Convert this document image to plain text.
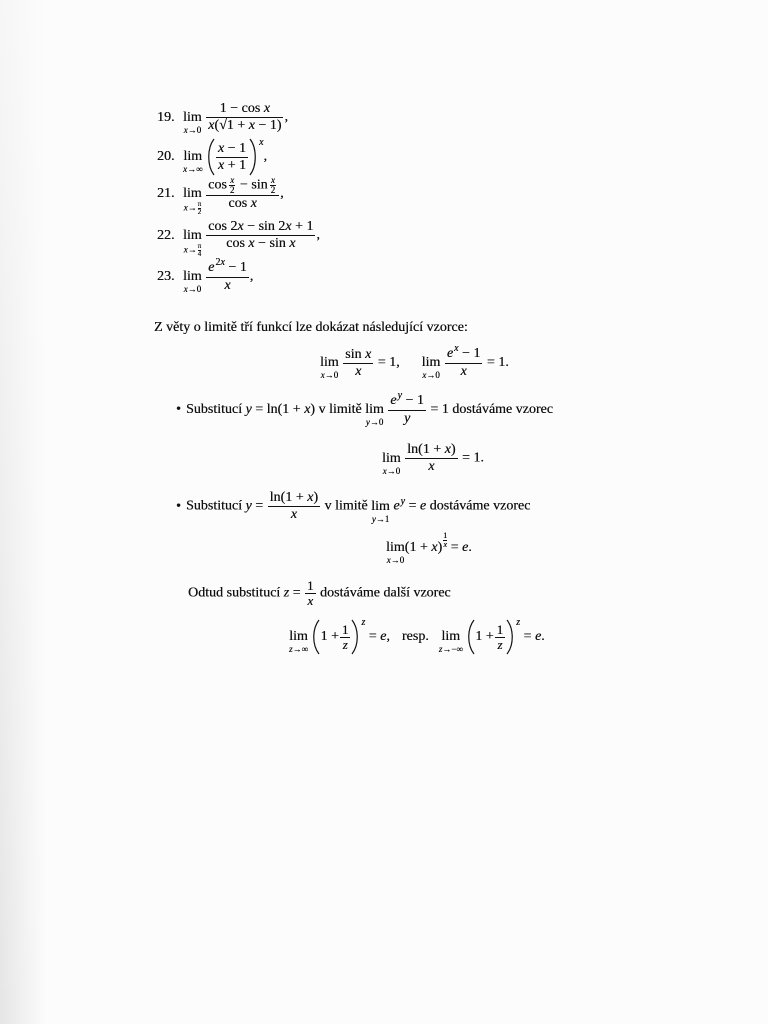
19. lim
x→0
$\frac{\text{1 − cos x}}{x(√1 + x - 1)}$ ,
20. lim
x→∞
$\frac{x - 1}{x + 1} ^x$,
21. lim
$x\to \frac{\pi}{2}$
$\frac{\cos \frac{x}{2} - \sin \frac{x}{2}}{\text{cos x}}$ ,
22. lim
$x\to \frac{\pi}{4}$
$\frac{\cos 2x - \sin 2x + 1}{\text{cos x − sin x}}$ ,
23. lim
x→0
$\frac{e^{2x} - 1}{x}$ ,
Z věty o limitě tří funkcí lze dokázat následující vzorce:
lim
x→0
$\frac{\text{sin x}}{x} = 1$, lim
x→0
$\frac{e^x - 1}{x} = 1$.
• Substitucí y = ln(1 + x) v limitě lim
y→0
$\frac{e^y - 1}{y} = 1$ dostáváme vzorec
lim
x→0
$\frac{\ln(1 + x)}{x} = 1$.
• Substitucí $y = \frac{\ln(1 + x)}{x}$ v limitě lim
y→1
$e^y = e$ dostáváme vzorec
lim
x→0
$(1 + x) \frac{1}{x} = e$.
Odtud substitucí $z = \frac{1}{x}$ dostáváme další vzorec
lim
z→∞
$1 + \frac{1}{z} ^z = e$, resp. lim
z→−∞
$1 + \frac{1}{z} ^z = e$.
